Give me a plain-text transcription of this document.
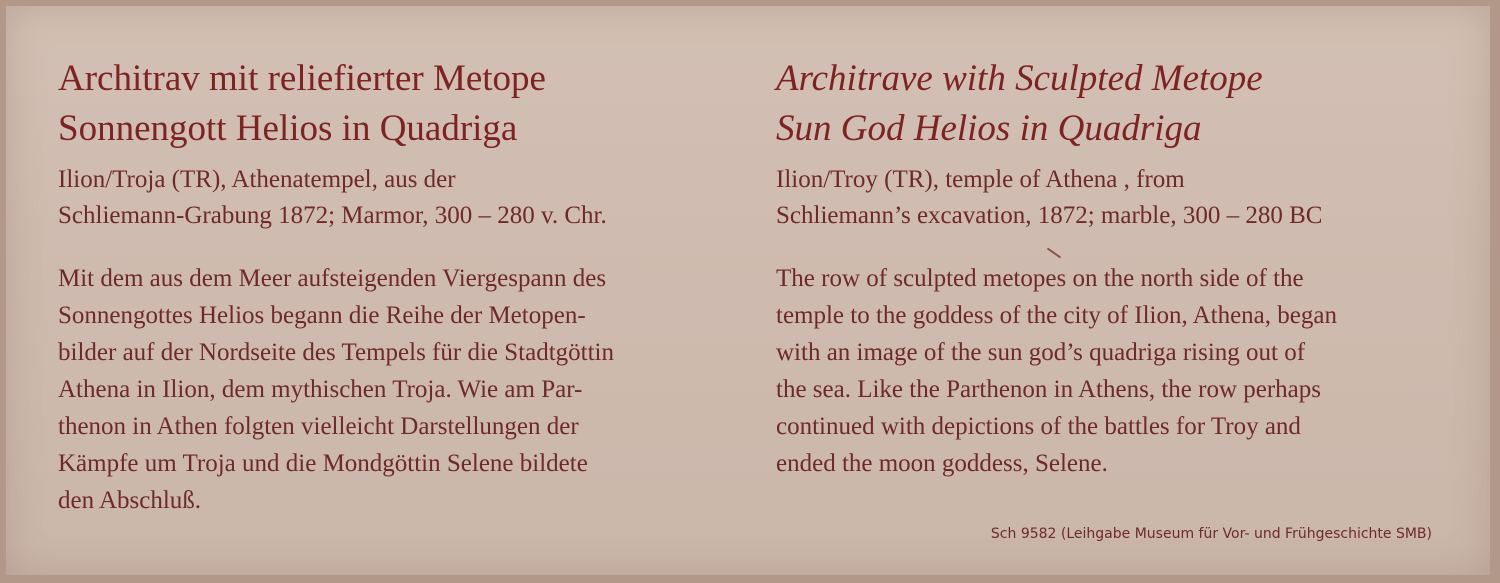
Architrav mit reliefierter Metope
Sonnengott Helios in Quadriga
Ilion/Troja (TR), Athenatempel, aus der
Schliemann-Grabung 1872; Marmor, 300 – 280 v. Chr.
Mit dem aus dem Meer aufsteigenden Viergespann des
Sonnengottes Helios begann die Reihe der Metopen-
bilder auf der Nordseite des Tempels für die Stadtgöttin
Athena in Ilion, dem mythischen Troja. Wie am Par-
thenon in Athen folgten vielleicht Darstellungen der
Kämpfe um Troja und die Mondgöttin Selene bildete
den Abschluß.
Architrave with Sculpted Metope
Sun God Helios in Quadriga
Ilion/Troy (TR), temple of Athena , from
Schliemann’s excavation, 1872; marble, 300 – 280 BC
The row of sculpted metopes on the north side of the
temple to the goddess of the city of Ilion, Athena, began
with an image of the sun god’s quadriga rising out of
the sea. Like the Parthenon in Athens, the row perhaps
continued with depictions of the battles for Troy and
ended the moon goddess, Selene.
Sch 9582 (Leihgabe Museum für Vor- und Frühgeschichte SMB)
